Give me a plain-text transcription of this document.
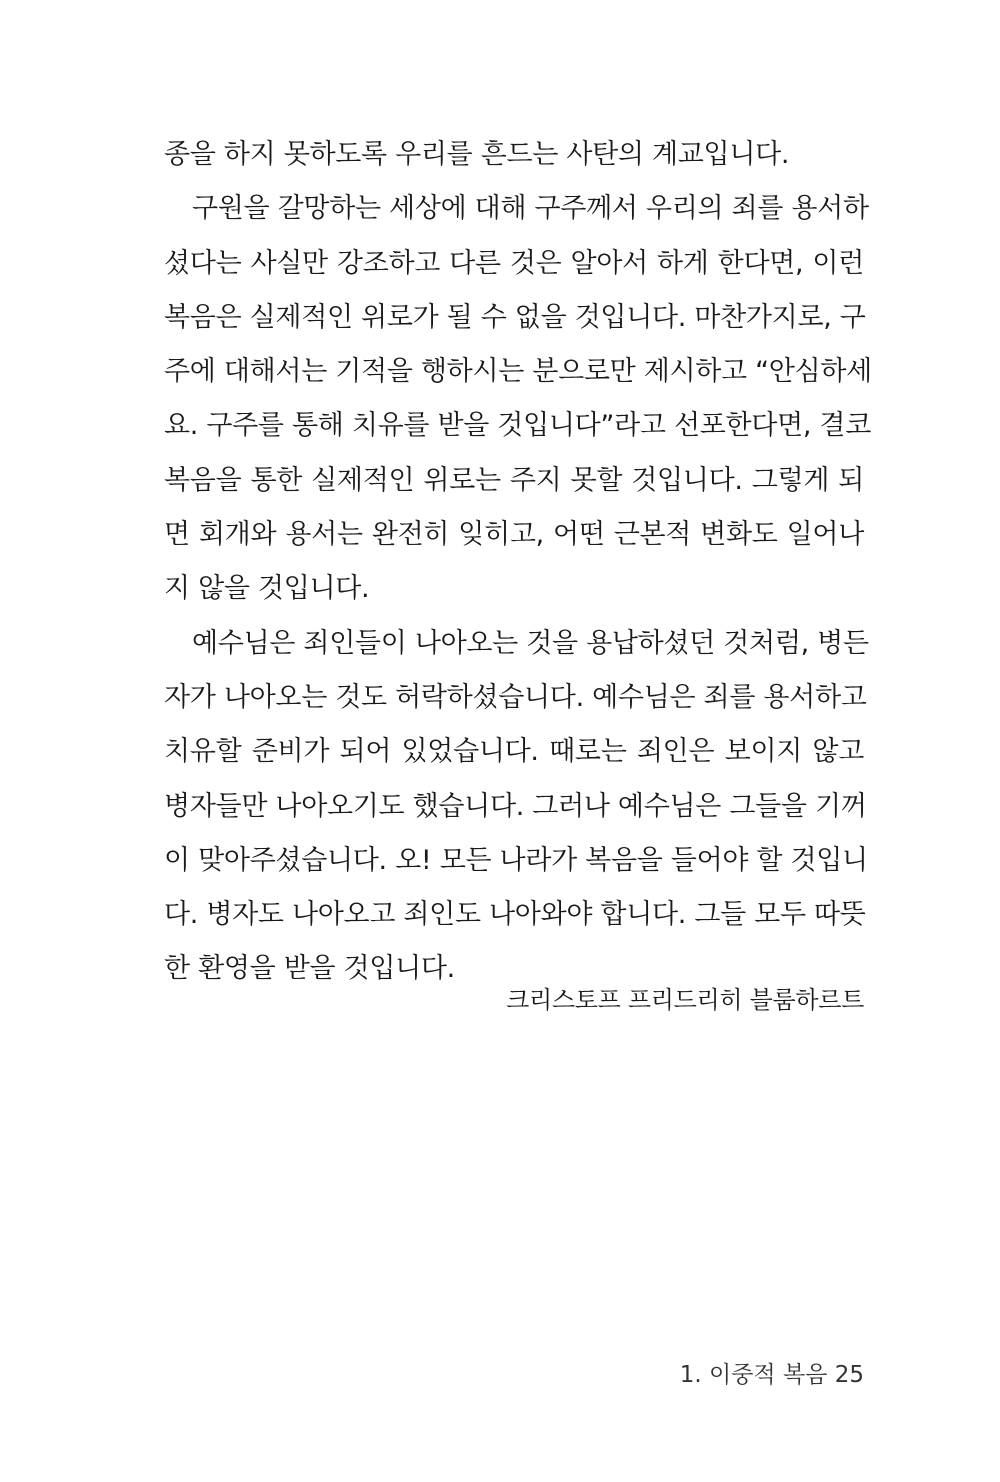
종을 하지 못하도록 우리를 흔드는 사탄의 계교입니다.
구원을 갈망하는 세상에 대해 구주께서 우리의 죄를 용서하
셨다는 사실만 강조하고 다른 것은 알아서 하게 한다면, 이런
복음은 실제적인 위로가 될 수 없을 것입니다. 마찬가지로, 구
주에 대해서는 기적을 행하시는 분으로만 제시하고 “안심하세
요. 구주를 통해 치유를 받을 것입니다”라고 선포한다면, 결코
복음을 통한 실제적인 위로는 주지 못할 것입니다. 그렇게 되
면 회개와 용서는 완전히 잊히고, 어떤 근본적 변화도 일어나
지 않을 것입니다.
예수님은 죄인들이 나아오는 것을 용납하셨던 것처럼, 병든
자가 나아오는 것도 허락하셨습니다. 예수님은 죄를 용서하고
치유할 준비가 되어 있었습니다. 때로는 죄인은 보이지 않고
병자들만 나아오기도 했습니다. 그러나 예수님은 그들을 기꺼
이 맞아주셨습니다. 오! 모든 나라가 복음을 들어야 할 것입니
다. 병자도 나아오고 죄인도 나아와야 합니다. 그들 모두 따뜻
한 환영을 받을 것입니다.
크리스토프 프리드리히 블룸하르트
1. 이중적 복음 25
